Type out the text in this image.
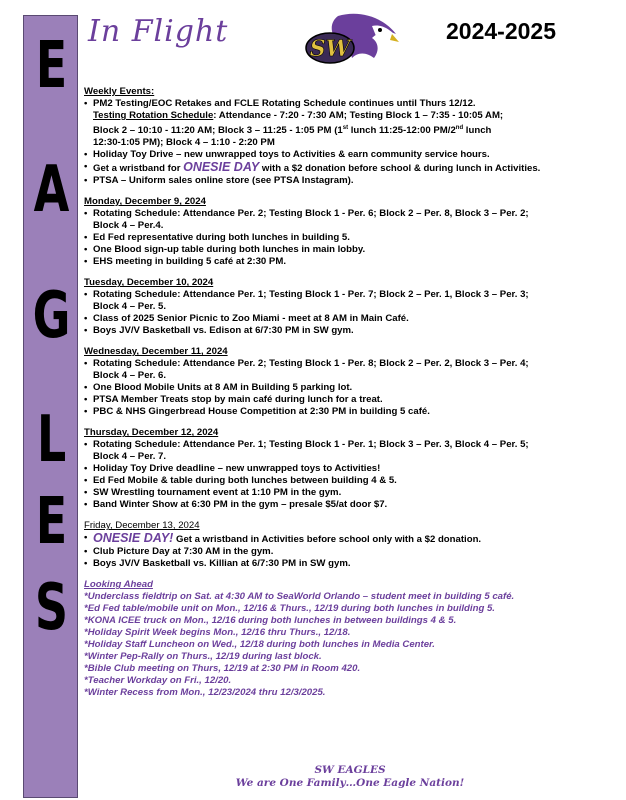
E
A
G
L
E
S
In Flight	SW
2024-2025
Weekly Events:
• PM2 Testing/EOC Retakes and FCLE Rotating Schedule continues until Thurs 12/12.
Testing Rotation Schedule: Attendance - 7:20 - 7:30 AM; Testing Block 1 – 7:35 - 10:05 AM;
Block 2 – 10:10 - 11:20 AM; Block 3 – 11:25 - 1:05 PM (1st lunch 11:25-12:00 PM/2nd lunch
12:30-1:05 PM); Block 4 – 1:10 - 2:20 PM
• Holiday Toy Drive – new unwrapped toys to Activities & earn community service hours.
• Get a wristband for ONESIE DAY with a $2 donation before school & during lunch in Activities.
• PTSA – Uniform sales online store (see PTSA Instagram).
Monday, December 9, 2024
• Rotating Schedule: Attendance Per. 2; Testing Block 1 - Per. 6; Block 2 – Per. 8, Block 3 – Per. 2;
Block 4 – Per.4.
• Ed Fed representative during both lunches in building 5.
• One Blood sign-up table during both lunches in main lobby.
• EHS meeting in building 5 café at 2:30 PM.
Tuesday, December 10, 2024
• Rotating Schedule: Attendance Per. 1; Testing Block 1 - Per. 7; Block 2 – Per. 1, Block 3 – Per. 3;
Block 4 – Per. 5.
• Class of 2025 Senior Picnic to Zoo Miami - meet at 8 AM in Main Café.
• Boys JV/V Basketball vs. Edison at 6/7:30 PM in SW gym.
Wednesday, December 11, 2024
• Rotating Schedule: Attendance Per. 2; Testing Block 1 - Per. 8; Block 2 – Per. 2, Block 3 – Per. 4;
Block 4 – Per. 6.
• One Blood Mobile Units at 8 AM in Building 5 parking lot.
• PTSA Member Treats stop by main café during lunch for a treat.
• PBC & NHS Gingerbread House Competition at 2:30 PM in building 5 café.
Thursday, December 12, 2024
• Rotating Schedule: Attendance Per. 1; Testing Block 1 - Per. 1; Block 3 – Per. 3, Block 4 – Per. 5;
Block 4 – Per. 7.
• Holiday Toy Drive deadline – new unwrapped toys to Activities!
• Ed Fed Mobile & table during both lunches between building 4 & 5.
• SW Wrestling tournament event at 1:10 PM in the gym.
• Band Winter Show at 6:30 PM in the gym – presale $5/at door $7.
Friday, December 13, 2024
• ONESIE DAY! Get a wristband in Activities before school only with a $2 donation.
• Club Picture Day at 7:30 AM in the gym.
• Boys JV/V Basketball vs. Killian at 6/7:30 PM in SW gym.
Looking Ahead
*Underclass fieldtrip on Sat. at 4:30 AM to SeaWorld Orlando – student meet in building 5 café.
*Ed Fed table/mobile unit on Mon., 12/16 & Thurs., 12/19 during both lunches in building 5.
*KONA ICEE truck on Mon., 12/16 during both lunches in between buildings 4 & 5.
*Holiday Spirit Week begins Mon., 12/16 thru Thurs., 12/18.
*Holiday Staff Luncheon on Wed., 12/18 during both lunches in Media Center.
*Winter Pep-Rally on Thurs., 12/19 during last block.
*Bible Club meeting on Thurs, 12/19 at 2:30 PM in Room 420.
*Teacher Workday on Fri., 12/20.
*Winter Recess from Mon., 12/23/2024 thru 12/3/2025.
SW EAGLES
We are One Family…One Eagle Nation!
